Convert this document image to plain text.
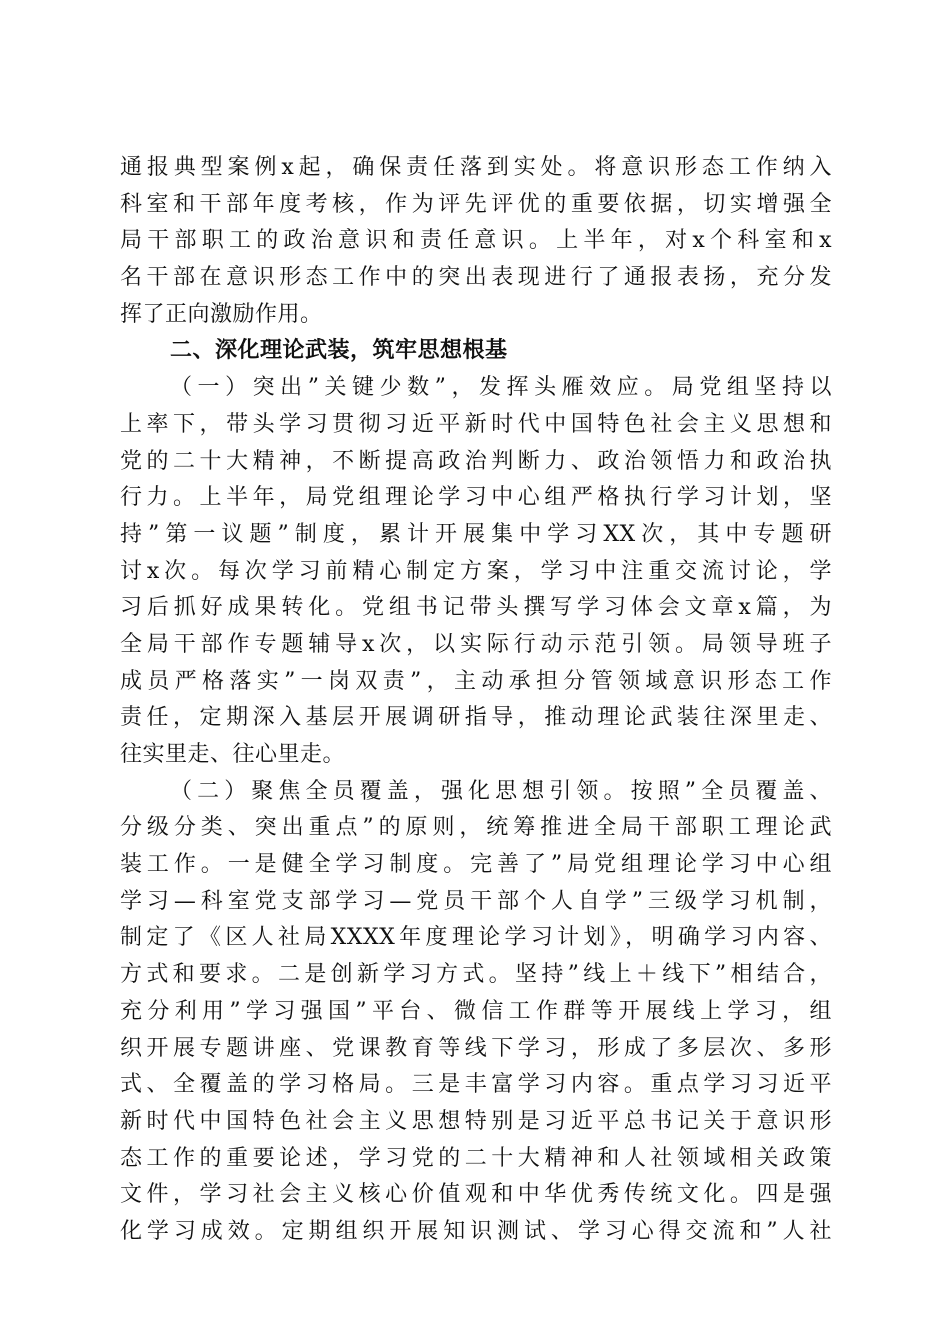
通报典型案例x起，确保责任落到实处。将意识形态工作纳入
科室和干部年度考核，作为评先评优的重要依据，切实增强全
局干部职工的政治意识和责任意识。上半年，对x个科室和x
名干部在意识形态工作中的突出表现进行了通报表扬，充分发
挥了正向激励作用。
二、深化理论武装，筑牢思想根基
（一）突出”关键少数”，发挥头雁效应。局党组坚持以
上率下，带头学习贯彻习近平新时代中国特色社会主义思想和
党的二十大精神，不断提高政治判断力、政治领悟力和政治执
行力。上半年，局党组理论学习中心组严格执行学习计划，坚
持”第一议题”制度，累计开展集中学习XX次，其中专题研
讨x次。每次学习前精心制定方案，学习中注重交流讨论，学
习后抓好成果转化。党组书记带头撰写学习体会文章x篇，为
全局干部作专题辅导x次，以实际行动示范引领。局领导班子
成员严格落实”一岗双责”，主动承担分管领域意识形态工作
责任，定期深入基层开展调研指导，推动理论武装往深里走、
往实里走、往心里走。
（二）聚焦全员覆盖，强化思想引领。按照”全员覆盖、
分级分类、突出重点”的原则，统筹推进全局干部职工理论武
装工作。一是健全学习制度。完善了”局党组理论学习中心组
学习—科室党支部学习—党员干部个人自学”三级学习机制，
制定了《区人社局XXXX年度理论学习计划》，明确学习内容、
方式和要求。二是创新学习方式。坚持”线上＋线下”相结合，
充分利用”学习强国”平台、微信工作群等开展线上学习，组
织开展专题讲座、党课教育等线下学习，形成了多层次、多形
式、全覆盖的学习格局。三是丰富学习内容。重点学习习近平
新时代中国特色社会主义思想特别是习近平总书记关于意识形
态工作的重要论述，学习党的二十大精神和人社领域相关政策
文件，学习社会主义核心价值观和中华优秀传统文化。四是强
化学习成效。定期组织开展知识测试、学习心得交流和”人社
